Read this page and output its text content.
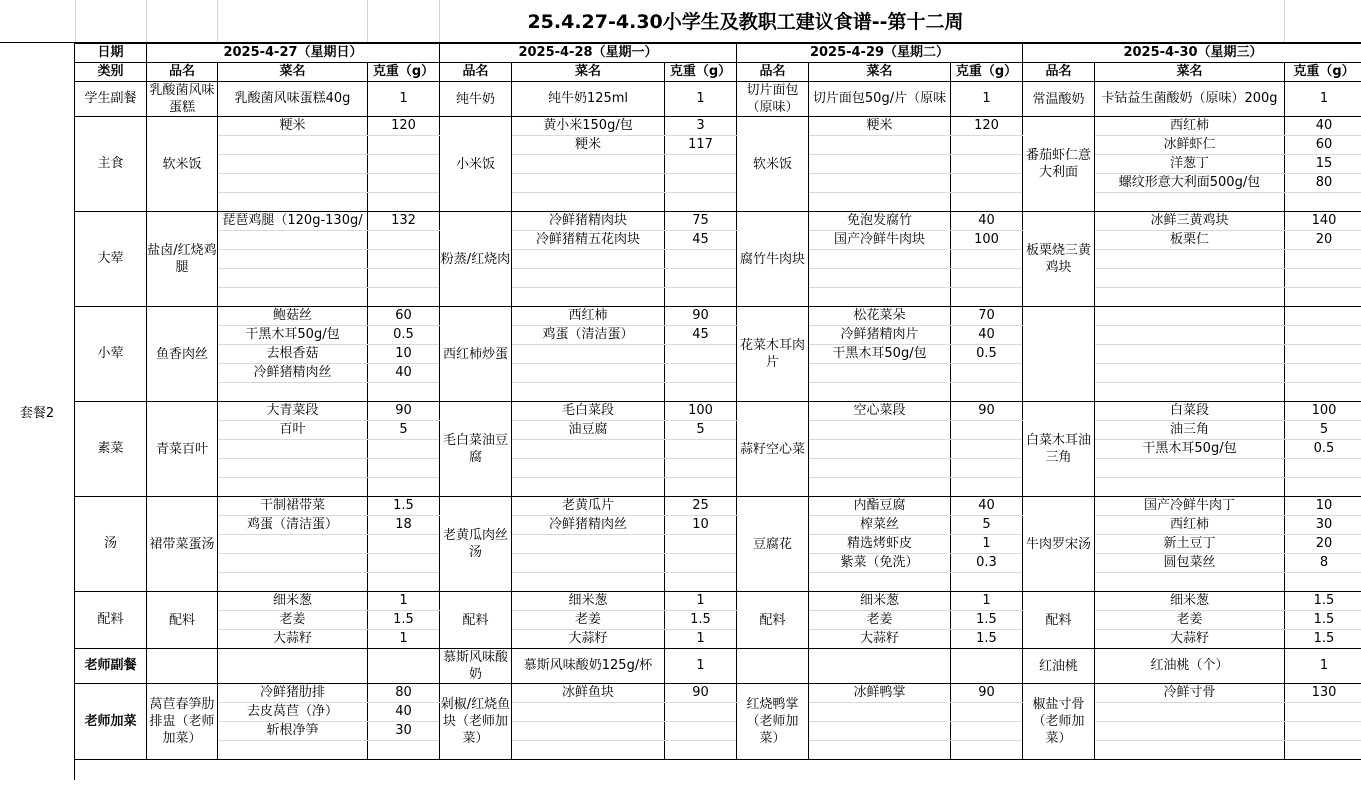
25.4.27-4.30小学生及教职工建议食谱--第十二周
套餐2
日期	2025-4-27（星期日）			2025-4-28（星期一）			2025-4-29（星期二）			2025-4-30（星期三）		
类别	品名	菜名	克重（g）	品名	菜名	克重（g）	品名	菜名	克重（g）	品名	菜名	克重（g）
学生副餐	乳酸菌风味蛋糕	乳酸菌风味蛋糕40g	1	纯牛奶	纯牛奶125ml	1	切片面包（原味）	切片面包50g/片（原味	1	常温酸奶	卡钴益生菌酸奶（原味）200g	1
主食	软米饭	粳米	120	小米饭	黄小米150g/包	3	软米饭	粳米	120	番茄虾仁意大利面	西红柿	40
					粳米	117					冰鲜虾仁	60
											洋葱丁	15
											螺纹形意大利面500g/包	80

大荤	盐卤/红烧鸡腿	琵琶鸡腿（120g-130g/	132	粉蒸/红烧肉	冷鲜猪精肉块	75	腐竹牛肉块	免泡发腐竹	40	板栗烧三黄鸡块	冰鲜三黄鸡块	140
					冷鲜猪精五花肉块	45		国产冷鲜牛肉块	100		板栗仁	20

小荤	鱼香肉丝	鲍菇丝	60	西红柿炒蛋	西红柿	90	花菜木耳肉片	松花菜朵	70			
		干黑木耳50g/包	0.5		鸡蛋（清洁蛋）	45		冷鲜猪精肉片	40			
		去根香菇	10					干黑木耳50g/包	0.5			
		冷鲜猪精肉丝	40									

素菜	青菜百叶	大青菜段	90	毛白菜油豆腐	毛白菜段	100	蒜籽空心菜	空心菜段	90	白菜木耳油三角	白菜段	100
		百叶	5		油豆腐	5					油三角	5
											干黑木耳50g/包	0.5

汤	裙带菜蛋汤	干制裙带菜	1.5	老黄瓜肉丝汤	老黄瓜片	25	豆腐花	内酯豆腐	40	牛肉罗宋汤	国产冷鲜牛肉丁	10
		鸡蛋（清洁蛋）	18		冷鲜猪精肉丝	10		榨菜丝	5		西红柿	30
								精选烤虾皮	1		新土豆丁	20
								紫菜（免洗）	0.3		圆包菜丝	8

配料	配料	细米葱	1	配料	细米葱	1	配料	细米葱	1	配料	细米葱	1.5
		老姜	1.5		老姜	1.5		老姜	1.5		老姜	1.5
		大蒜籽	1		大蒜籽	1		大蒜籽	1.5		大蒜籽	1.5
老师副餐				慕斯风味酸奶	慕斯风味酸奶125g/杯	1				红油桃	红油桃（个）	1
老师加菜	莴苣春笋肋排盅（老师加菜）	冷鲜猪肋排	80	剁椒/红烧鱼块（老师加菜）	冰鲜鱼块	90	红烧鸭掌（老师加菜）	冰鲜鸭掌	90	椒盐寸骨（老师加菜）	冷鲜寸骨	130
		去皮莴苣（净）	40									
		斩根净笋	30									
